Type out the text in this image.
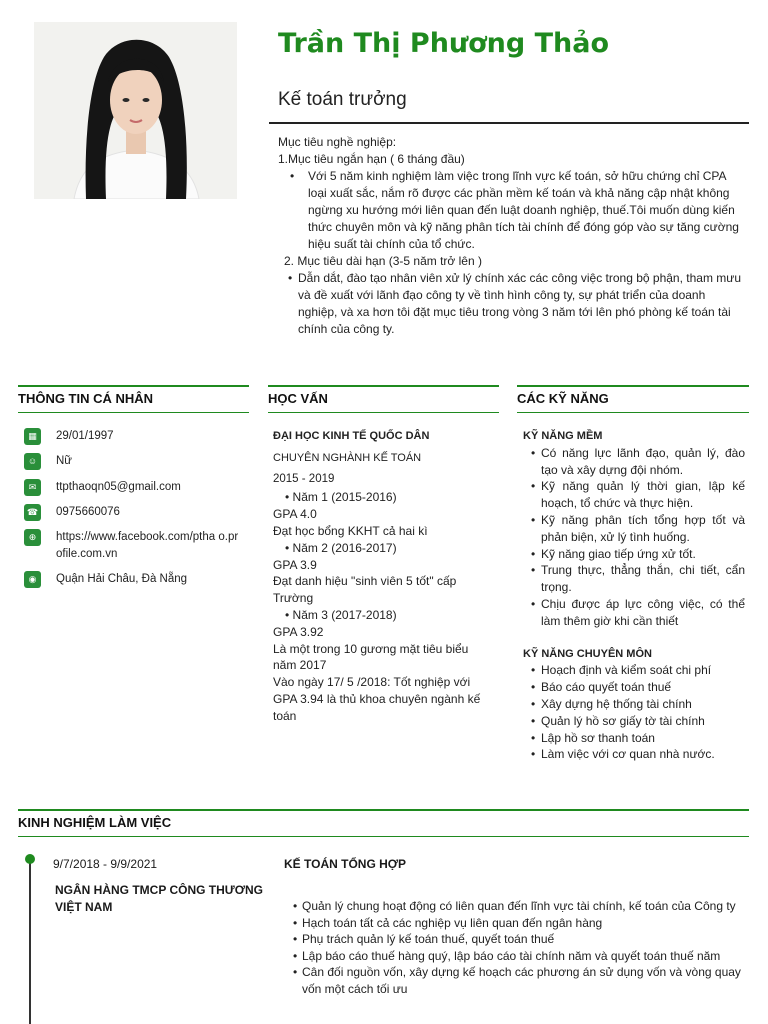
Trần Thị Phương Thảo
Kế toán trưởng
Mục tiêu nghề nghiệp:
1.Mục tiêu ngắn hạn ( 6 tháng đầu)
• Với 5 năm kinh nghiệm làm việc trong lĩnh vực kế toán, sở hữu chứng chỉ CPA loại xuất sắc, nắm rõ được các phần mềm kế toán và khả năng cập nhật không ngừng xu hướng mới liên quan đến luật doanh nghiệp, thuế.Tôi muốn dùng kiến thức chuyên môn và kỹ năng phân tích tài chính để đóng góp vào sự tăng cường hiệu suất tài chính của tổ chức.
2. Mục tiêu dài hạn (3-5 năm trở lên )
• Dẫn dắt, đào tạo nhân viên xử lý chính xác các công việc trong bộ phận, tham mưu và đề xuất với lãnh đạo công ty về tình hình công ty, sự phát triển của doanh nghiệp, và xa hơn tôi đặt mục tiêu trong vòng 3 năm tới lên phó phòng kế toán tài chính của công ty.
THÔNG TIN CÁ NHÂN	HỌC VẤN	CÁC KỸ NĂNG
▦	29/01/1997
☺	Nữ
✉	ttpthaoqn05@gmail.com
☎ 0975660076
⊕	https://www.facebook.com/ptha o.profile.com.vn
◉	Quận Hải Châu, Đà Nẵng
ĐẠI HỌC KINH TẾ QUỐC DÂN
CHUYÊN NGHÀNH KẾ TOÁN
2015 - 2019
• Năm 1 (2015-2016)
GPA 4.0
Đạt học bổng KKHT cả hai kì
• Năm 2 (2016-2017)
GPA 3.9
Đạt danh hiệu "sinh viên 5 tốt" cấp Trường
• Năm 3 (2017-2018)
GPA 3.92
Là một trong 10 gương mặt tiêu biểu năm 2017
Vào ngày 17/ 5 /2018: Tốt nghiệp với GPA 3.94 là thủ khoa chuyên ngành kế toán
KỸ NĂNG MỀM
• Có năng lực lãnh đạo, quản lý, đào tạo và xây dựng đội nhóm.
• Kỹ năng quản lý thời gian, lập kế hoạch, tổ chức và thực hiện.
• Kỹ năng phân tích tổng hợp tốt và phản biện, xử lý tình huống.
• Kỹ năng giao tiếp ứng xử tốt.
• Trung thực, thẳng thắn, chi tiết, cẩn trọng.
• Chịu được áp lực công việc, có thể làm thêm giờ khi cần thiết
KỸ NĂNG CHUYÊN MÔN
• Hoạch định và kiểm soát chi phí
• Báo cáo quyết toán thuế
• Xây dựng hệ thống tài chính
• Quản lý hồ sơ giấy tờ tài chính
• Lập hồ sơ thanh toán
• Làm việc với cơ quan nhà nước.
KINH NGHIỆM LÀM VIỆC
9/7/2018 - 9/9/2021
NGÂN HÀNG TMCP CÔNG THƯƠNG VIỆT NAM
KẾ TOÁN TỔNG HỢP
• Quản lý chung hoạt động có liên quan đến lĩnh vực tài chính, kế toán của Công ty
• Hạch toán tất cả các nghiệp vụ liên quan đến ngân hàng
• Phụ trách quản lý kế toán thuế, quyết toán thuế
• Lập báo cáo thuế hàng quý, lập báo cáo tài chính năm và quyết toán thuế năm
• Cân đối nguồn vốn, xây dựng kế hoạch các phương án sử dụng vốn và vòng quay vốn một cách tối ưu
